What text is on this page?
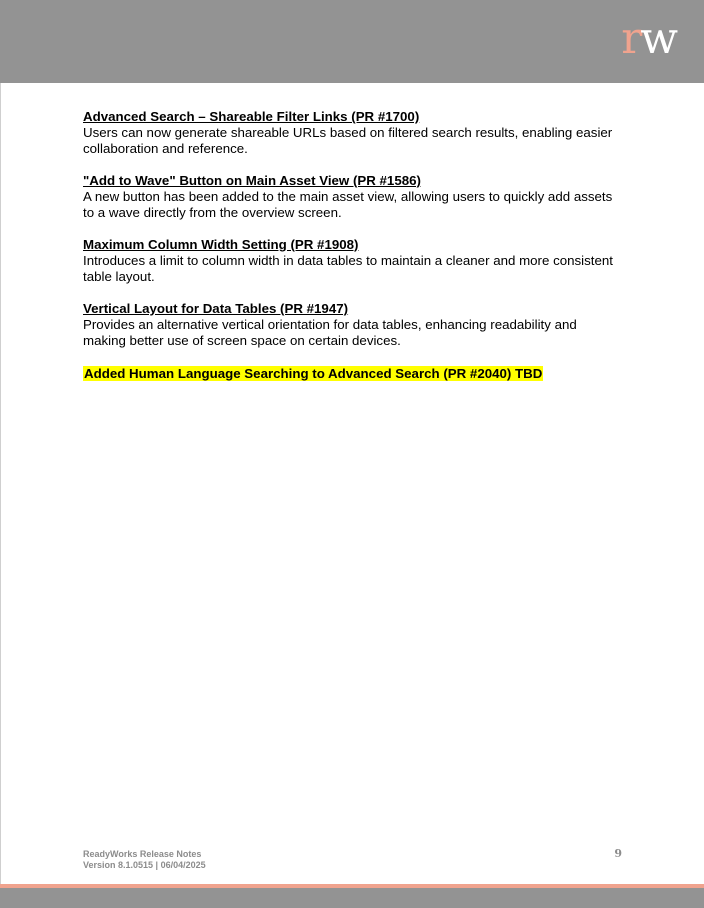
rw
Advanced Search – Shareable Filter Links (PR #1700)
Users can now generate shareable URLs based on filtered search results, enabling easier collaboration and reference.
"Add to Wave" Button on Main Asset View (PR #1586)
A new button has been added to the main asset view, allowing users to quickly add assets to a wave directly from the overview screen.
Maximum Column Width Setting (PR #1908)
Introduces a limit to column width in data tables to maintain a cleaner and more consistent table layout.
Vertical Layout for Data Tables (PR #1947)
Provides an alternative vertical orientation for data tables, enhancing readability and making better use of screen space on certain devices.
Added Human Language Searching to Advanced Search (PR #2040) TBD
ReadyWorks Release Notes
Version 8.1.0515 | 06/04/2025
9
